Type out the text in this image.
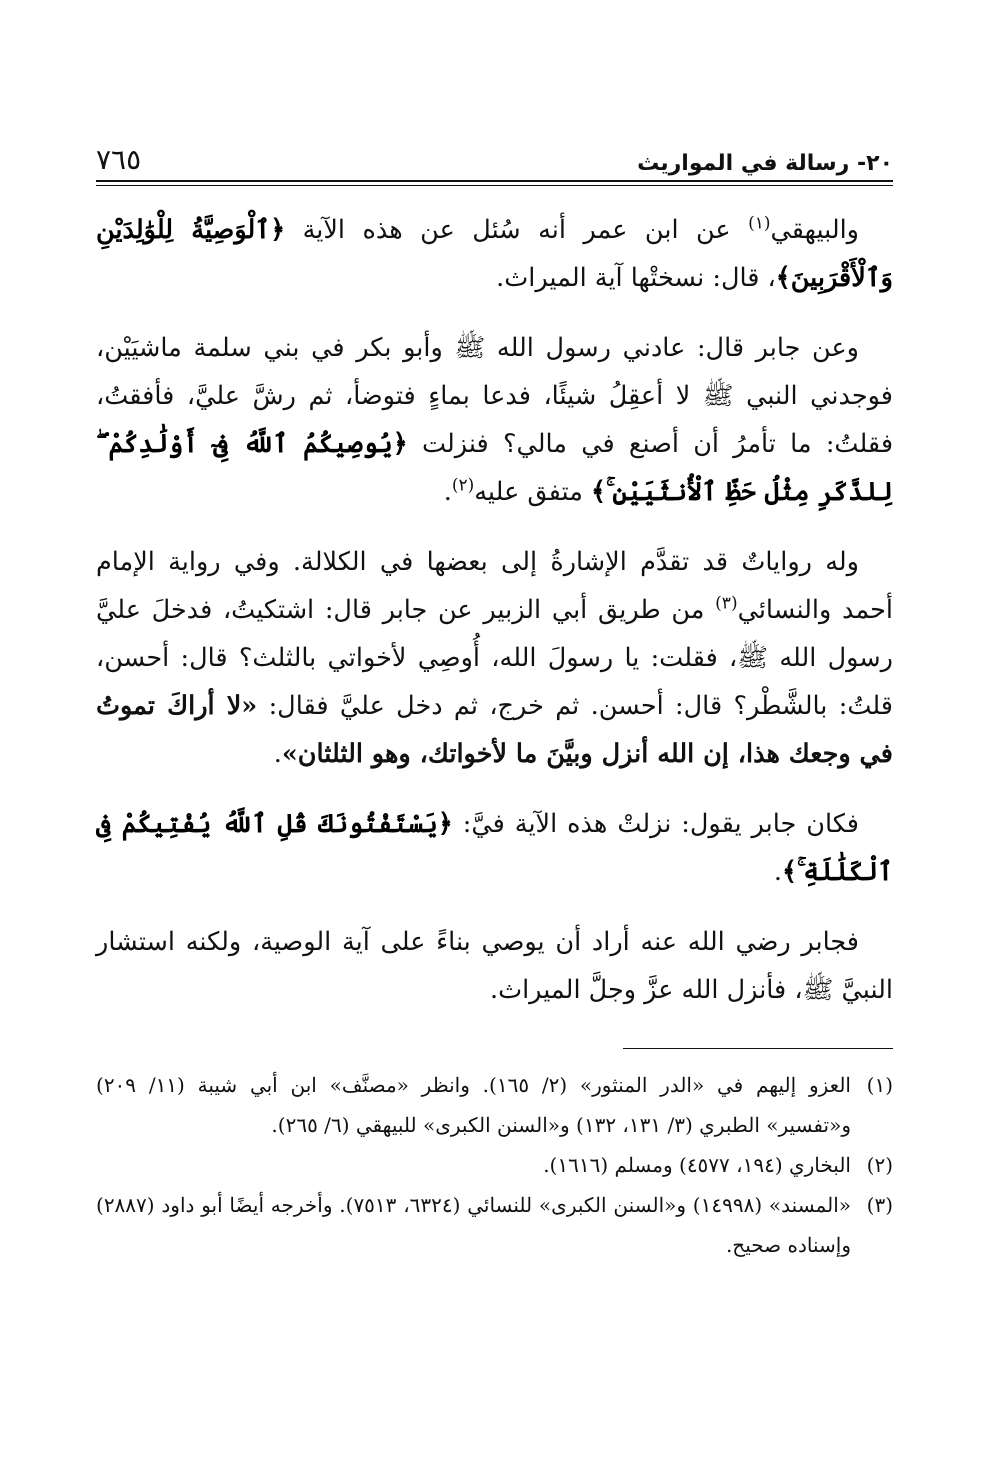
٢٠- رسالة في المواريث
٧٦٥

والبيهقي$^{(١)}$ عن ابن عمر أنه سُئل عن هذه الآية ﴿ٱلْوَصِيَّةُ لِلْوَٰلِدَيْنِ وَٱلْأَقْرَبِينَ﴾، قال: نسختْها آية الميراث.

وعن جابر قال: عادني رسول الله ﷺ وأبو بكر في بني سلمة ماشيَيْن، فوجدني النبي ﷺ لا أعقِلُ شيئًا، فدعا بماءٍ فتوضأ، ثم رشَّ عليَّ، فأفقتُ، فقلتُ: ما تأمرُ أن أصنع في مالي؟ فنزلت ﴿يُوصِيكُمُ ٱللَّهُ فِىٓ أَوْلَٰدِكُمْ ۖ لِلذَّكَرِ مِثْلُ حَظِّ ٱلْأُنثَيَيْنِ ۚ﴾ متفق عليه$^{(٢)}$.

وله رواياتٌ قد تقدَّم الإشارةُ إلى بعضها في الكلالة. وفي رواية الإمام أحمد والنسائي$^{(٣)}$ من طريق أبي الزبير عن جابر قال: اشتكيتُ، فدخلَ عليَّ رسول الله ﷺ، فقلت: يا رسولَ الله، أُوصِي لأخواتي بالثلث؟ قال: أحسن، قلتُ: بالشَّطْر؟ قال: أحسن. ثم خرج، ثم دخل عليَّ فقال: «لا أراكَ تموتُ في وجعك هذا، إن الله أنزل وبيَّنَ ما لأخواتك، وهو الثلثان».

فكان جابر يقول: نزلتْ هذه الآية فيَّ: ﴿يَسْتَفْتُونَكَ قُلِ ٱللَّهُ يُفْتِيكُمْ فِى ٱلْكَلَٰلَةِ ۚ﴾.

فجابر رضي الله عنه أراد أن يوصي بناءً على آية الوصية، ولكنه استشار النبيَّ ﷺ، فأنزل الله عزَّ وجلَّ الميراث.

(١)
العزو إليهم في «الدر المنثور» (٢/ ١٦٥). وانظر «مصنَّف» ابن أبي شيبة (١١/ ٢٠٩) و«تفسير» الطبري (٣/ ١٣١، ١٣٢) و«السنن الكبرى» للبيهقي (٦/ ٢٦٥).
(٢)
البخاري (١٩٤، ٤٥٧٧) ومسلم (١٦١٦).
(٣)
«المسند» (١٤٩٩٨) و«السنن الكبرى» للنسائي (٦٣٢٤، ٧٥١٣). وأخرجه أيضًا أبو داود (٢٨٨٧) وإسناده صحيح.
